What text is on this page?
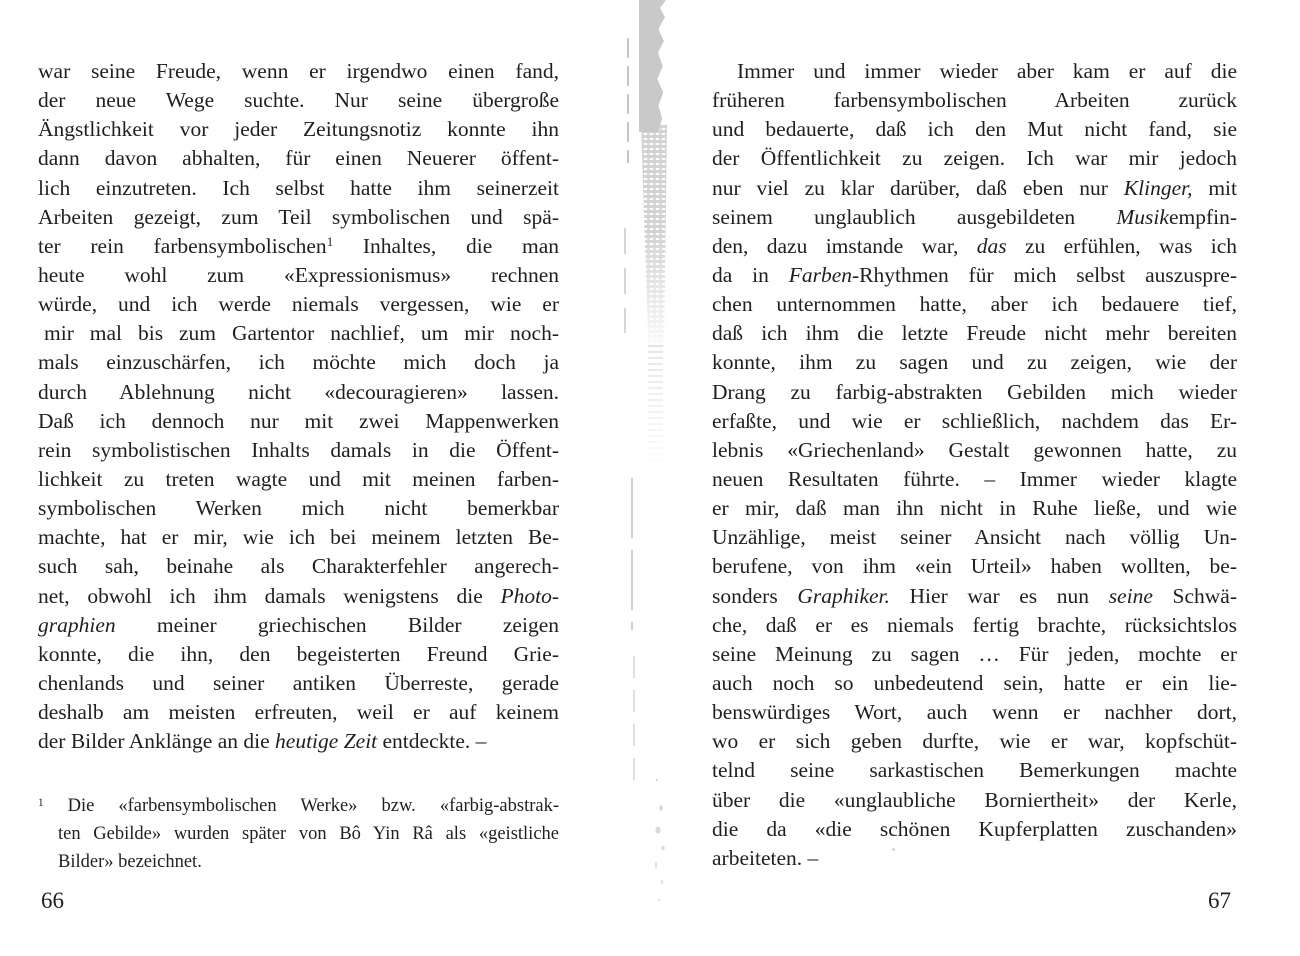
war seine Freude, wenn er irgendwo einen fand,
der neue Wege suchte. Nur seine übergroße
Ängstlichkeit vor jeder Zeitungsnotiz konnte ihn
dann davon abhalten, für einen Neuerer öffent-
lich einzutreten. Ich selbst hatte ihm seinerzeit
Arbeiten gezeigt, zum Teil symbolischen und spä-
ter rein farbensymbolischen$^1$ Inhaltes, die man
heute wohl zum «Expressionismus» rechnen
würde, und ich werde niemals vergessen, wie er
mir mal bis zum Gartentor nachlief, um mir noch-
mals einzuschärfen, ich möchte mich doch ja
durch Ablehnung nicht «decouragieren» lassen.
Daß ich dennoch nur mit zwei Mappenwerken
rein symbolistischen Inhalts damals in die Öffent-
lichkeit zu treten wagte und mit meinen farben-
symbolischen Werken mich nicht bemerkbar
machte, hat er mir, wie ich bei meinem letzten Be-
such sah, beinahe als Charakterfehler angerech-
net, obwohl ich ihm damals wenigstens die Photo-
graphien meiner griechischen Bilder zeigen
konnte, die ihn, den begeisterten Freund Grie-
chenlands und seiner antiken Überreste, gerade
deshalb am meisten erfreuten, weil er auf keinem
der Bilder Anklänge an die heutige Zeit entdeckte. –
$^1$ Die «farbensymbolischen Werke» bzw. «farbig-abstrak-
ten Gebilde» wurden später von Bô Yin Râ als «geistliche
Bilder» bezeichnet.
66
Immer und immer wieder aber kam er auf die
früheren farbensymbolischen Arbeiten zurück
und bedauerte, daß ich den Mut nicht fand, sie
der Öffentlichkeit zu zeigen. Ich war mir jedoch
nur viel zu klar darüber, daß eben nur Klinger, mit
seinem unglaublich ausgebildeten Musikempfin-
den, dazu imstande war, das zu erfühlen, was ich
da in Farben-Rhythmen für mich selbst auszuspre-
chen unternommen hatte, aber ich bedauere tief,
daß ich ihm die letzte Freude nicht mehr bereiten
konnte, ihm zu sagen und zu zeigen, wie der
Drang zu farbig-abstrakten Gebilden mich wieder
erfaßte, und wie er schließlich, nachdem das Er-
lebnis «Griechenland» Gestalt gewonnen hatte, zu
neuen Resultaten führte. – Immer wieder klagte
er mir, daß man ihn nicht in Ruhe ließe, und wie
Unzählige, meist seiner Ansicht nach völlig Un-
berufene, von ihm «ein Urteil» haben wollten, be-
sonders Graphiker. Hier war es nun seine Schwä-
che, daß er es niemals fertig brachte, rücksichtslos
seine Meinung zu sagen … Für jeden, mochte er
auch noch so unbedeutend sein, hatte er ein lie-
benswürdiges Wort, auch wenn er nachher dort,
wo er sich geben durfte, wie er war, kopfschüt-
telnd seine sarkastischen Bemerkungen machte
über die «unglaubliche Borniertheit» der Kerle,
die da «die schönen Kupferplatten zuschanden»
arbeiteten. –
67
